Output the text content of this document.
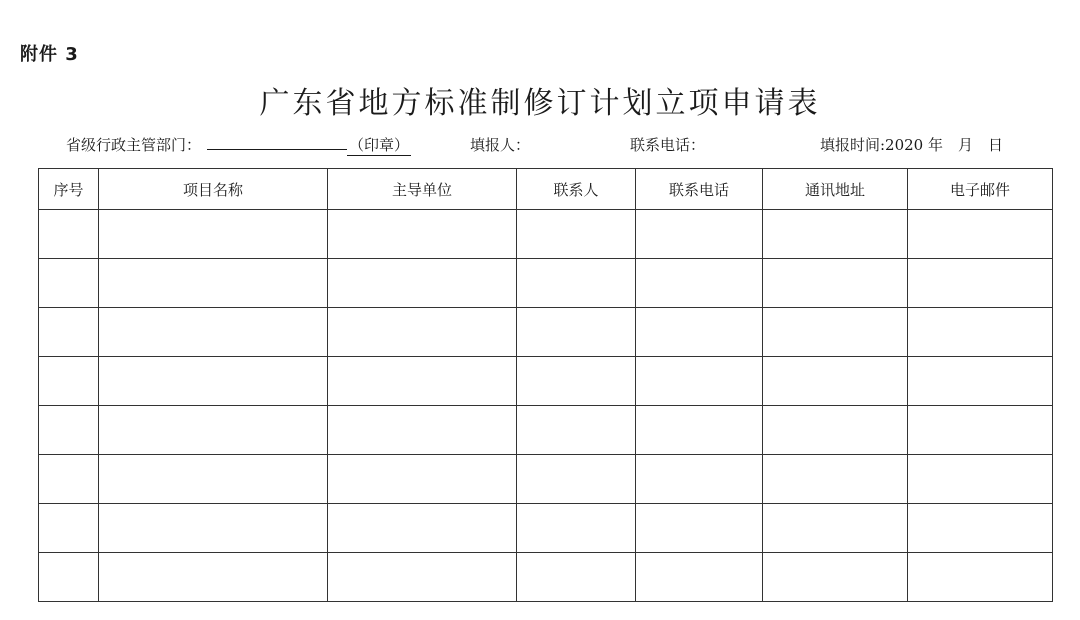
附件 3
广东省地方标准制修订计划立项申请表
省级行政主管部门：	（印章）	填报人：	联系电话：	填报时间:2020 年　月　日
序号	项目名称	主导单位	联系人	联系电话	通讯地址	电子邮件
